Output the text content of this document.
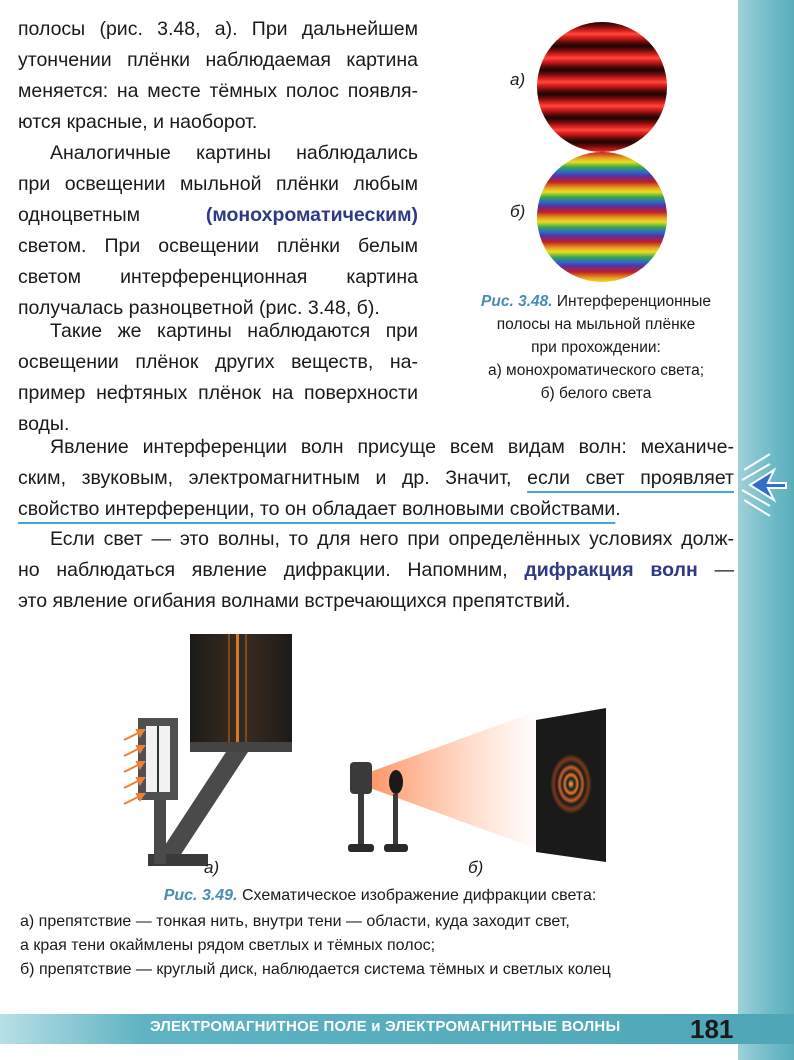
полосы (рис. 3.48, а). При дальнейшем
утончении плёнки наблюдаемая картина
меняется: на месте тёмных полос появля-
ются красные, и наоборот.
Аналогичные картины наблюдались
при освещении мыльной плёнки любым
одноцветным	(монохроматическим)
светом. При освещении плёнки белым
светом интерференционная картина
получалась разноцветной (рис. 3.48, б).
Такие же картины наблюдаются при
освещении плёнок других веществ, на-
пример нефтяных плёнок на поверхности
воды.
а)
б)
Рис. 3.48. Интерференционные
полосы на мыльной плёнке
при прохождении:
а) монохроматического света;
б) белого света
Явление интерференции волн присуще всем видам волн: механиче-
ским, звуковым, электромагнитным и др. Значит, если свет проявляет
свойство интерференции, то он обладает волновыми свойствами.
Если свет — это волны, то для него при определённых условиях долж-
но наблюдаться явление дифракции. Напомним, дифракция волн —
это явление огибания волнами встречающихся препятствий.
а)	б)
Рис. 3.49. Схематическое изображение дифракции света:
а) препятствие — тонкая нить, внутри тени — области, куда заходит свет,
а края тени окаймлены рядом светлых и тёмных полос;
б) препятствие — круглый диск, наблюдается система тёмных и светлых колец
ЭЛЕКТРОМАГНИТНОЕ ПОЛЕ и ЭЛЕКТРОМАГНИТНЫЕ ВОЛНЫ	181
